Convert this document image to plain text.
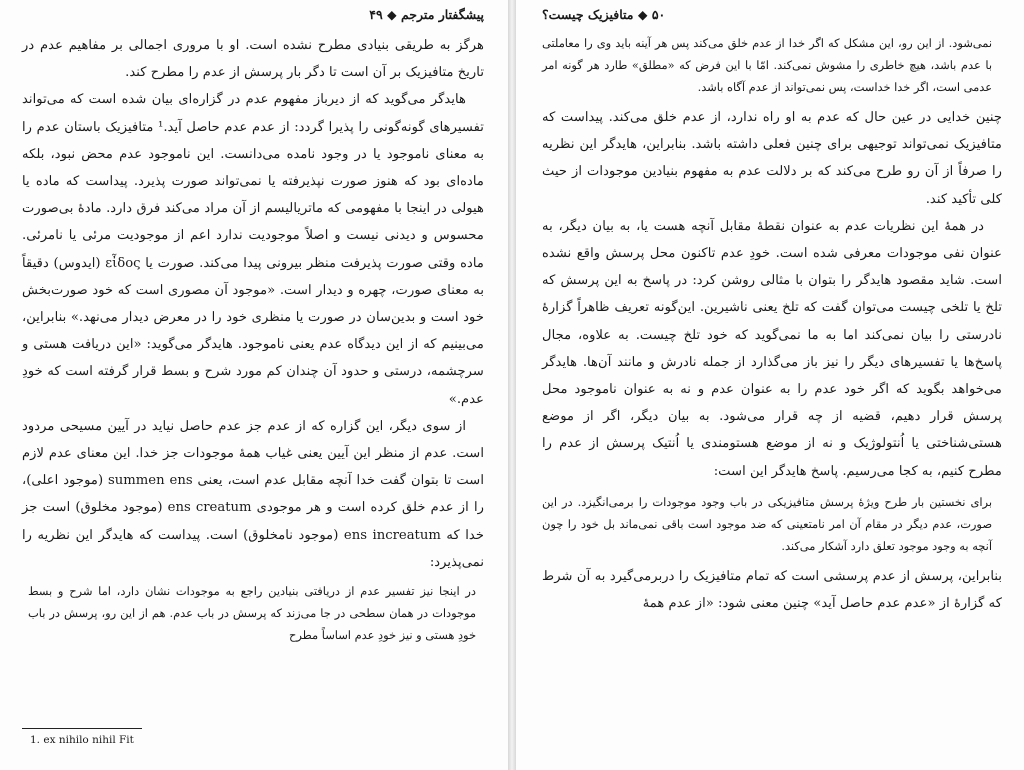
پیشگفتار مترجم ◆ ۴۹

هرگز به طریقی بنیادی مطرح نشده است. او با مروری اجمالی بر مفاهیم عدم در تاریخ متافیزیک بر آن است تا دگر بار پرسش از عدم را مطرح کند.

هایدگر می‌گوید که از دیرباز مفهوم عدم در گزاره‌ای بیان شده است که می‌تواند تفسیرهای گونه‌گونی را پذیرا گردد: از عدم عدم حاصل آید.¹ متافیزیک باستان عدم را به معنای ناموجود یا در وجود نامده می‌دانست. این ناموجود عدم محض نبود، بلکه ماده‌ای بود که هنوز صورت نپذیرفته یا نمی‌تواند صورت پذیرد. پیداست که ماده یا هیولی در اینجا با مفهومی که ماتریالیسم از آن مراد می‌کند فرق دارد. مادهٔ بی‌صورت محسوس و دیدنی نیست و اصلاً موجودیت ندارد اعم از موجودیت مرئی یا نامرئی. ماده وقتی صورت پذیرفت منظر بیرونی پیدا می‌کند. صورت یا εἶδος (ایدوس) دقیقاً به معنای صورت، چهره و دیدار است. «موجود آن مصوری است که خود صورت‌بخش خود است و بدین‌سان در صورت یا منظری خود را در معرض دیدار می‌نهد.» بنابراین، می‌بینیم که از این دیدگاه عدم یعنی ناموجود. هایدگر می‌گوید: «این دریافت هستی و سرچشمه، درستی و حدود آن چندان کم مورد شرح و بسط قرار گرفته است که خودِ عدم.»

از سوی دیگر، این گزاره که از عدم جز عدم حاصل نیاید در آیین مسیحی مردود است. عدم از منظر این آیین یعنی غیاب همهٔ موجودات جز خدا. این معنای عدم لازم است تا بتوان گفت خدا آنچه مقابل عدم است، یعنی summen ens (موجود اعلی)، را از عدم خلق کرده است و هر موجودی ens creatum (موجود مخلوق) است جز خدا که ens increatum (موجود نامخلوق) است. پیداست که هایدگر این نظریه را نمی‌پذیرد:

در اینجا نیز تفسیر عدم از دریافتی بنیادین راجع به موجودات نشان دارد، اما شرح و بسط موجودات در همان سطحی در جا می‌زند که پرسش در باب عدم. هم از این رو، پرسش در باب خودِ هستی و نیز خودِ عدم اساساً مطرح
1. ex nihilo nihil Fit
۵۰ ◆ متافیزیک چیست؟
نمی‌شود. از این رو، این مشکل که اگر خدا از عدم خلق می‌کند پس هر آینه باید وی را معاملتی با عدم باشد، هیچ خاطری را مشوش نمی‌کند. امّا با این فرض که «مطلق» طارد هر گونه امر عدمی است، اگر خدا خداست، پس نمی‌تواند از عدم آگاه باشد.

چنین خدایی در عین حال که عدم به او راه ندارد، از عدم خلق می‌کند. پیداست که متافیزیک نمی‌تواند توجیهی برای چنین فعلی داشته باشد. بنابراین، هایدگر این نظریه را صرفاً از آن رو طرح می‌کند که بر دلالت عدم به مفهوم بنیادین موجودات از حیث کلی تأکید کند.

در همهٔ این نظریات عدم به عنوان نقطهٔ مقابل آنچه هست یا، به بیان دیگر، به عنوان نفی موجودات معرفی شده است. خودِ عدم تاکنون محل پرسش واقع نشده است. شاید مقصود هایدگر را بتوان با مثالی روشن کرد: در پاسخ به این پرسش که تلخ یا تلخی چیست می‌توان گفت که تلخ یعنی ناشیرین. این‌گونه تعریف ظاهراً گزارهٔ نادرستی را بیان نمی‌کند اما به ما نمی‌گوید که خود تلخ چیست. به علاوه، مجال پاسخ‌ها یا تفسیرهای دیگر را نیز باز می‌گذارد از جمله نادرش و مانند آن‌ها. هایدگر می‌خواهد بگوید که اگر خود عدم را به عنوان عدم و نه به عنوان ناموجود محل پرسش قرار دهیم، قضیه از چه قرار می‌شود. به بیان دیگر، اگر از موضع هستی‌شناختی یا اُنتولوژیک و نه از موضع هستومندی یا اُنتیک پرسش از عدم را مطرح کنیم، به کجا می‌رسیم. پاسخ هایدگر این است:

برای نخستین بار طرح ویژهٔ پرسش متافیزیکی در باب وجود موجودات را برمی‌انگیزد. در این صورت، عدم دیگر در مقام آن امر نامتعینی که ضد موجود است باقی نمی‌ماند بل خود را چون آنچه به وجود موجود تعلق دارد آشکار می‌کند.

بنابراین، پرسش از عدم پرسشی است که تمام متافیزیک را دربرمی‌گیرد به آن شرط که گزارهٔ از «عدم عدم حاصل آید» چنین معنی شود: «از عدم همهٔ
